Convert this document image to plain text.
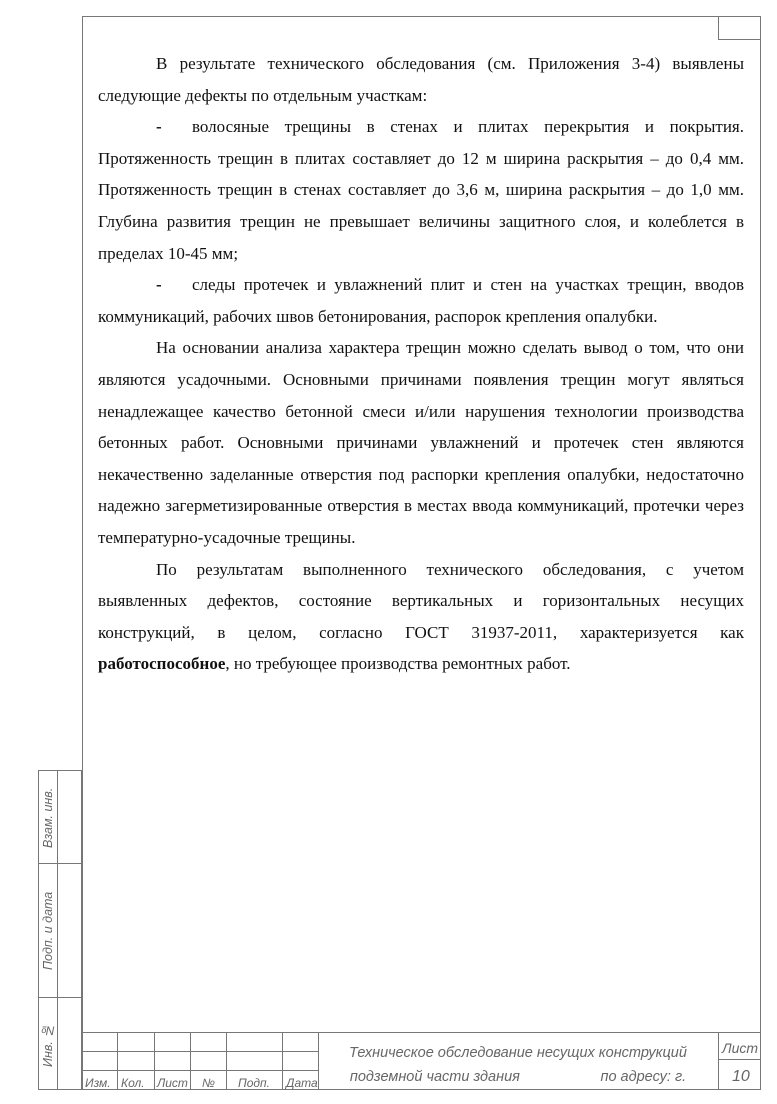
В результате технического обследования (см. Приложения 3-4) выявлены следующие дефекты по отдельным участкам:

- волосяные трещины в стенах и плитах перекрытия и покрытия. Протяженность трещин в плитах составляет до 12 м ширина раскрытия – до 0,4 мм. Протяженность трещин в стенах составляет до 3,6 м, ширина раскрытия – до 1,0 мм. Глубина развития трещин не превышает величины защитного слоя, и колеблется в пределах 10-45 мм;

- следы протечек и увлажнений плит и стен на участках трещин, вводов коммуникаций, рабочих швов бетонирования, распорок крепления опалубки.

На основании анализа характера трещин можно сделать вывод о том, что они являются усадочными. Основными причинами появления трещин могут являться ненадлежащее качество бетонной смеси и/или нарушения технологии производства бетонных работ. Основными причинами увлажнений и протечек стен являются некачественно заделанные отверстия под распорки крепления опалубки, недостаточно надежно загерметизированные отверстия в местах ввода коммуникаций, протечки через температурно-усадочные трещины.

По результатам выполненного технического обследования, с учетом выявленных дефектов, состояние вертикальных и горизонтальных несущих конструкций, в целом, согласно ГОСТ 31937-2011, характеризуется как работоспособное, но требующее производства ремонтных работ.

Взам. инв.
Подп. и дата
Инв. №
Изм. Кол. Лист № Подп. Дата
Техническое обследование несущих конструкций
подземной части здания                    по адресу: г.
Лист
10
